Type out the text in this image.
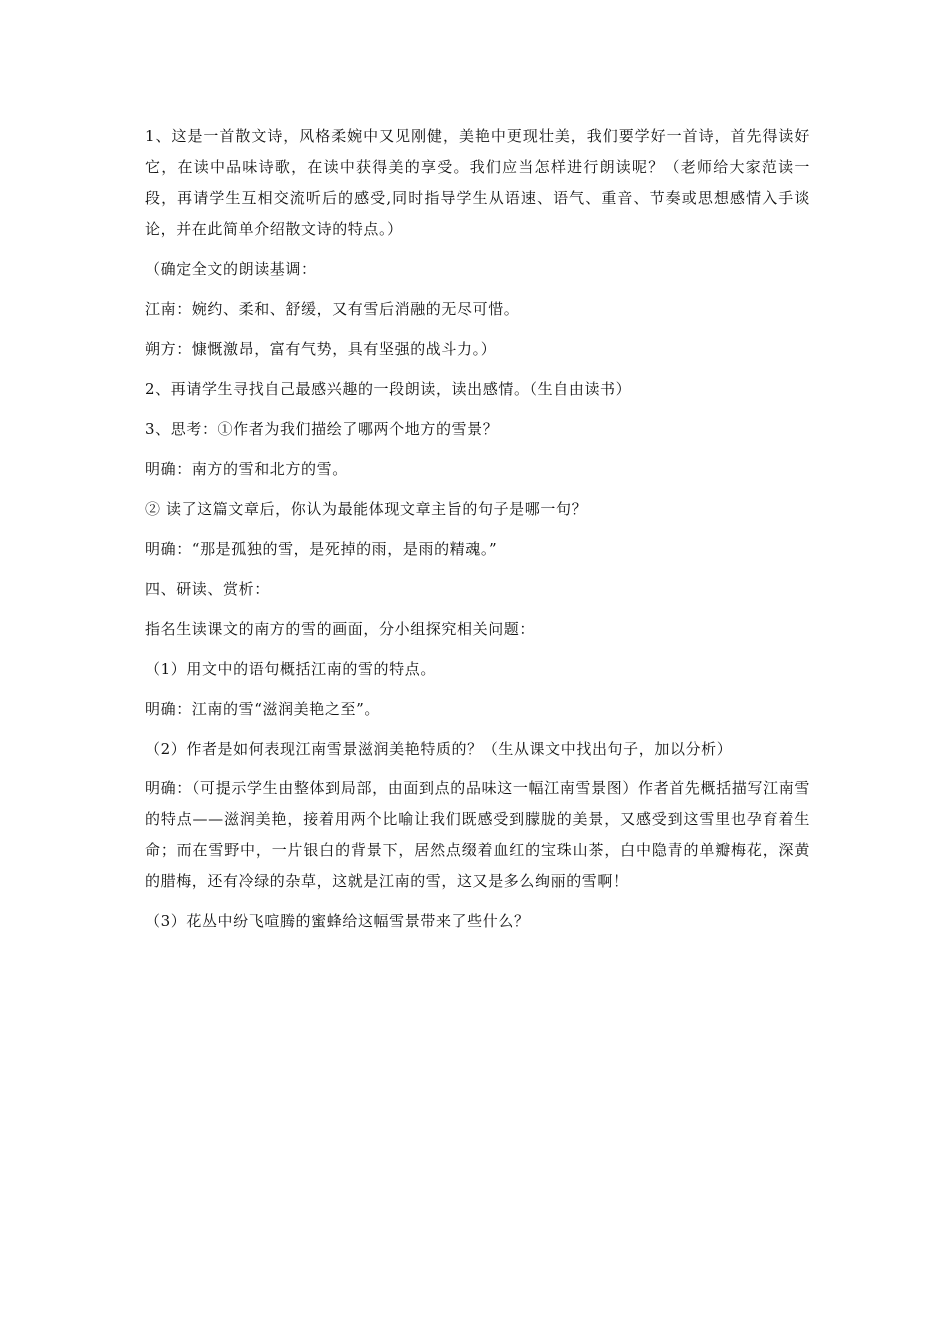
1、这是一首散文诗，风格柔婉中又见刚健，美艳中更现壮美，我们要学好一首诗，首先得读好它，在读中品味诗歌，在读中获得美的享受。我们应当怎样进行朗读呢？（老师给大家范读一段，再请学生互相交流听后的感受,同时指导学生从语速、语气、重音、节奏或思想感情入手谈论，并在此简单介绍散文诗的特点。）

（确定全文的朗读基调：

江南：婉约、柔和、舒缓，又有雪后消融的无尽可惜。

朔方：慷慨激昂，富有气势，具有坚强的战斗力。）

2、再请学生寻找自己最感兴趣的一段朗读，读出感情。（生自由读书）

3、思考：①作者为我们描绘了哪两个地方的雪景？

明确：南方的雪和北方的雪。

② 读了这篇文章后，你认为最能体现文章主旨的句子是哪一句？

明确：“那是孤独的雪，是死掉的雨，是雨的精魂。”

四、研读、赏析：

指名生读课文的南方的雪的画面，分小组探究相关问题：

（1）用文中的语句概括江南的雪的特点。

明确：江南的雪“滋润美艳之至”。

（2）作者是如何表现江南雪景滋润美艳特质的？（生从课文中找出句子，加以分析）

明确：（可提示学生由整体到局部，由面到点的品味这一幅江南雪景图）作者首先概括描写江南雪的特点——滋润美艳，接着用两个比喻让我们既感受到朦胧的美景，又感受到这雪里也孕育着生命；而在雪野中，一片银白的背景下，居然点缀着血红的宝珠山茶，白中隐青的单瓣梅花，深黄的腊梅，还有冷绿的杂草，这就是江南的雪，这又是多么绚丽的雪啊！

（3）花丛中纷飞喧腾的蜜蜂给这幅雪景带来了些什么？
